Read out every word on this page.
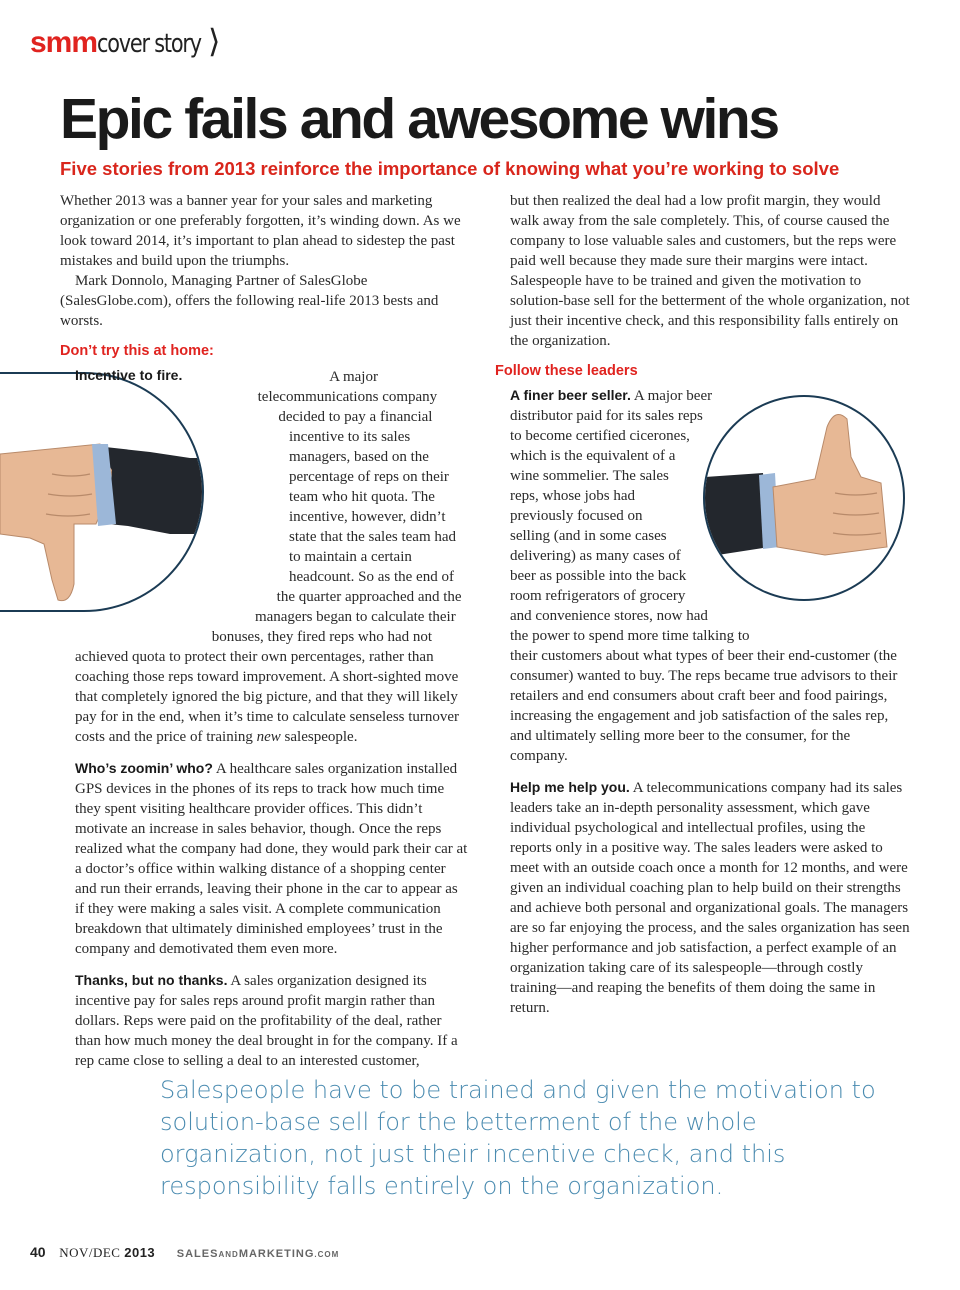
smmcover story ⟩
Epic fails and awesome wins
Five stories from 2013 reinforce the importance of knowing what you’re working to solve

Whether 2013 was a banner year for your sales and marketing organization or one preferably forgotten, it’s winding down. As we look toward 2014, it’s important to plan ahead to sidestep the past mistakes and build upon the triumphs.

Mark Donnolo, Managing Partner of SalesGlobe (SalesGlobe.com), offers the following real-life 2013 bests and worsts.

Don’t try this at home:

Incentive to fire.	A major telecommunications company decided to pay a financial incentive to its sales managers, based on the percentage of reps on their team who hit quota. The incentive, however, didn’t state that the sales team had to maintain a certain headcount. So as the end of the quarter approached and the managers began to calculate their bonuses, they fired reps who had not achieved quota to protect their own percentages, rather than coaching those reps toward improvement. A short-sighted move that completely ignored the big picture, and that they will likely pay for in the end, when it’s time to calculate senseless turnover costs and the price of training new salespeople.

Who’s zoomin’ who? A healthcare sales organization installed GPS devices in the phones of its reps to track how much time they spent visiting healthcare provider offices. This didn’t motivate an increase in sales behavior, though. Once the reps realized what the company had done, they would park their car at a doctor’s office within walking distance of a shopping center and run their errands, leaving their phone in the car to appear as if they were making a sales visit. A complete communication breakdown that ultimately diminished employees’ trust in the company and demotivated them even more.

Thanks, but no thanks. A sales organization designed its incentive pay for sales reps around profit margin rather than dollars. Reps were paid on the profitability of the deal, rather than how much money the deal brought in for the company. If a rep came close to selling a deal to an interested customer,

but then realized the deal had a low profit margin, they would walk away from the sale completely. This, of course caused the company to lose valuable sales and customers, but the reps were paid well because they made sure their margins were intact. Salespeople have to be trained and given the motivation to solution-base sell for the betterment of the whole organization, not just their incentive check, and this responsibility falls entirely on the organization.

Follow these leaders

A finer beer seller. A major beer distributor paid for its sales reps to become certified cicerones, which is the equivalent of a wine sommelier. The sales reps, whose jobs had previously focused on selling (and in some cases delivering) as many cases of beer as possible into the back room refrigerators of grocery and convenience stores, now had the power to spend more time talking to their customers about what types of beer their end-customer (the consumer) wanted to buy. The reps became true advisors to their retailers and end consumers about craft beer and food pairings, increasing the engagement and job satisfaction of the sales rep, and ultimately selling more beer to the consumer, for the company.

Help me help you. A telecommunications company had its sales leaders take an in-depth personality assessment, which gave individual psychological and intellectual profiles, using the reports only in a positive way. The sales leaders were asked to meet with an outside coach once a month for 12 months, and were given an individual coaching plan to help build on their strengths and achieve both personal and organizational goals. The managers are so far enjoying the process, and the sales organization has seen higher performance and job satisfaction, a perfect example of an organization taking care of its salespeople—through costly training—and reaping the benefits of them doing the same in return.

Salespeople have to be trained and given the motivation to solution-base sell for the betterment of the whole organization, not just their incentive check, and this responsibility falls entirely on the organization.
40 NOV/DEC 2013 SALESANDMARKETING.COM
